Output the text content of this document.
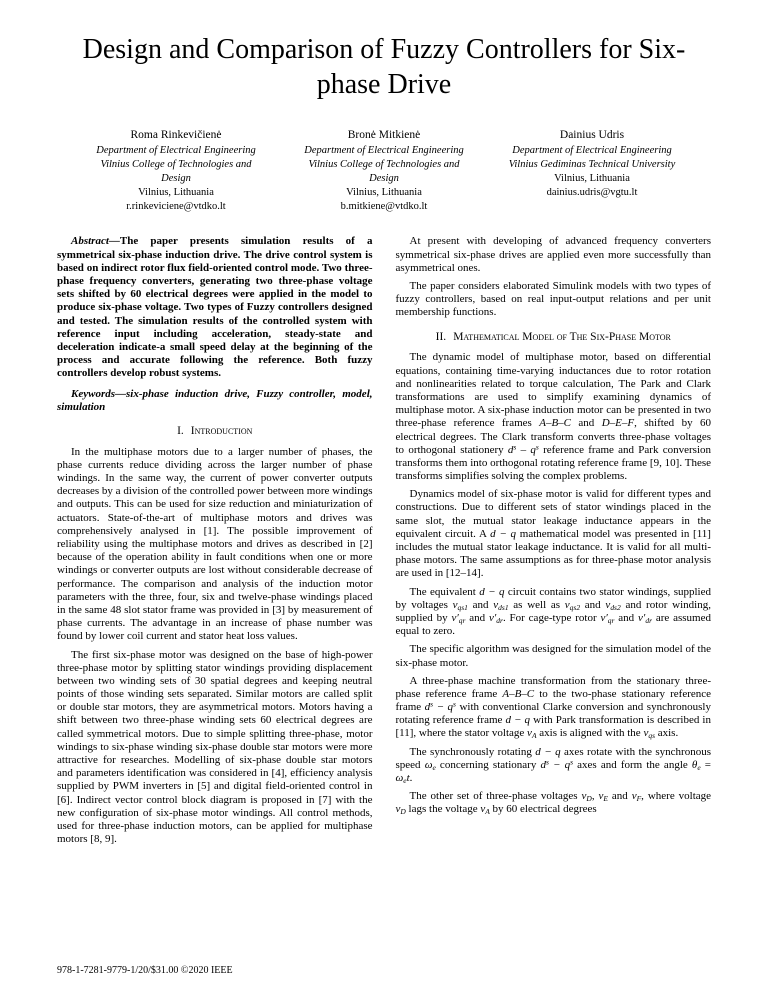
Design and Comparison of Fuzzy Controllers for Six-phase Drive
Roma Rinkevičienė
Department of Electrical Engineering
Vilnius College of Technologies and Design
Vilnius, Lithuania
r.rinkeviciene@vtdko.lt
Bronė Mitkienė
Department of Electrical Engineering
Vilnius College of Technologies and Design
Vilnius, Lithuania
b.mitkiene@vtdko.lt
Dainius Udris
Department of Electrical Engineering
Vilnius Gediminas Technical University
Vilnius, Lithuania
dainius.udris@vgtu.lt

Abstract—The paper presents simulation results of a symmetrical six-phase induction drive. The drive control system is based on indirect rotor flux field-oriented control mode. Two three-phase frequency converters, generating two three-phase voltage sets shifted by 60 electrical degrees were applied in the model to produce six-phase voltage. Two types of Fuzzy controllers designed and tested. The simulation results of the controlled system with reference input including acceleration, steady-state and deceleration indicate-a small speed delay at the beginning of the process and accurate following the reference. Both fuzzy controllers develop robust systems.

Keywords—six-phase induction drive, Fuzzy controller, model, simulation

I. Introduction

In the multiphase motors due to a larger number of phases, the phase currents reduce dividing across the larger number of phase windings. In the same way, the current of power converter outputs decreases by a division of the controlled power between more windings and outputs. This can be used for size reduction and miniaturization of actuators. State-of-the-art of multiphase motors and drives was comprehensively analysed in [1]. The possible improvement of reliability using the multiphase motors and drives as described in [2] because of the operation ability in fault conditions when one or more windings or converter outputs are lost without considerable decrease of performance. The comparison and analysis of the induction motor parameters with the three, four, six and twelve-phase windings placed in the same 48 slot stator frame was provided in [3] by measurement of phase currents. The advantage in an increase of phase number was found by lower coil current and stator heat loss values.

The first six-phase motor was designed on the base of high-power three-phase motor by splitting stator windings providing displacement between two winding sets of 30 spatial degrees and keeping neutral points of those winding sets separated. Similar motors are called split or double star motors, they are asymmetrical motors. Motors having a shift between two three-phase winding sets 60 electrical degrees are called symmetrical motors. Due to simple splitting three-phase, motor windings to six-phase winding six-phase double star motors were more attractive for researches. Modelling of six-phase double star motors and parameters identification was considered in [4], efficiency analysis supplied by PWM inverters in [5] and digital field-oriented control in [6]. Indirect vector control block diagram is proposed in [7] with the new configuration of six-phase motor windings. All control methods, used for three-phase induction motors, can be applied for multiphase motors [8, 9].

At present with developing of advanced frequency converters symmetrical six-phase drives are applied even more successfully than asymmetrical ones.

The paper considers elaborated Simulink models with two types of fuzzy controllers, based on real input-output relations and per unit membership functions.

II. Mathematical Model of The Six-Phase Motor

The dynamic model of multiphase motor, based on differential equations, containing time-varying inductances due to rotor rotation and nonlinearities related to torque calculation, The Park and Clark transformations are used to simplify examining dynamics of multiphase motor. A six-phase induction motor can be presented in two three-phase reference frames A–B–C and D–E–F, shifted by 60 electrical degrees. The Clark transform converts three-phase voltages to orthogonal stationery $d^s - q^s$ reference frame and Park conversion transforms them into orthogonal rotating reference frame [9, 10]. These transforms simplifies solving the complex problems.

Dynamics model of six-phase motor is valid for different types and constructions. Due to different sets of stator windings placed in the same slot, the mutual stator leakage inductance appears in the equivalent circuit. A d − q mathematical model was presented in [11] includes the mutual stator leakage inductance. It is valid for all multi-phase motors. The same assumptions as for three-phase motor analysis are used in [12–14].

The equivalent d − q circuit contains two stator windings, supplied by voltages $v_{qs1}$ and $v_{ds1}$ as well as $v_{qs2}$ and $v_{ds2}$ and rotor winding, supplied by $v'_{qr}$ and $v'_{dr}$. For cage-type rotor $v'_{qr}$ and $v'_{dr}$ are assumed equal to zero.

The specific algorithm was designed for the simulation model of the six-phase motor.

A three-phase machine transformation from the stationary three-phase reference frame A–B–C to the two-phase stationary reference frame $d^s - q^s$ with conventional Clarke conversion and synchronously rotating reference frame d − q with Park transformation is described in [11], where the stator voltage $v_A$ axis is aligned with the $v_{qs}$ axis.

The synchronously rotating d − q axes rotate with the synchronous speed $\omega_e$ concerning stationary $d^s - q^s$ axes and form the angle $\theta_e = \omega_et$.

The other set of three-phase voltages $v_D$, $v_E$ and $v_F$, where voltage $v_D$ lags the voltage $v_A$ by 60 electrical degrees

978-1-7281-9779-1/20/$31.00 ©2020 IEEE
